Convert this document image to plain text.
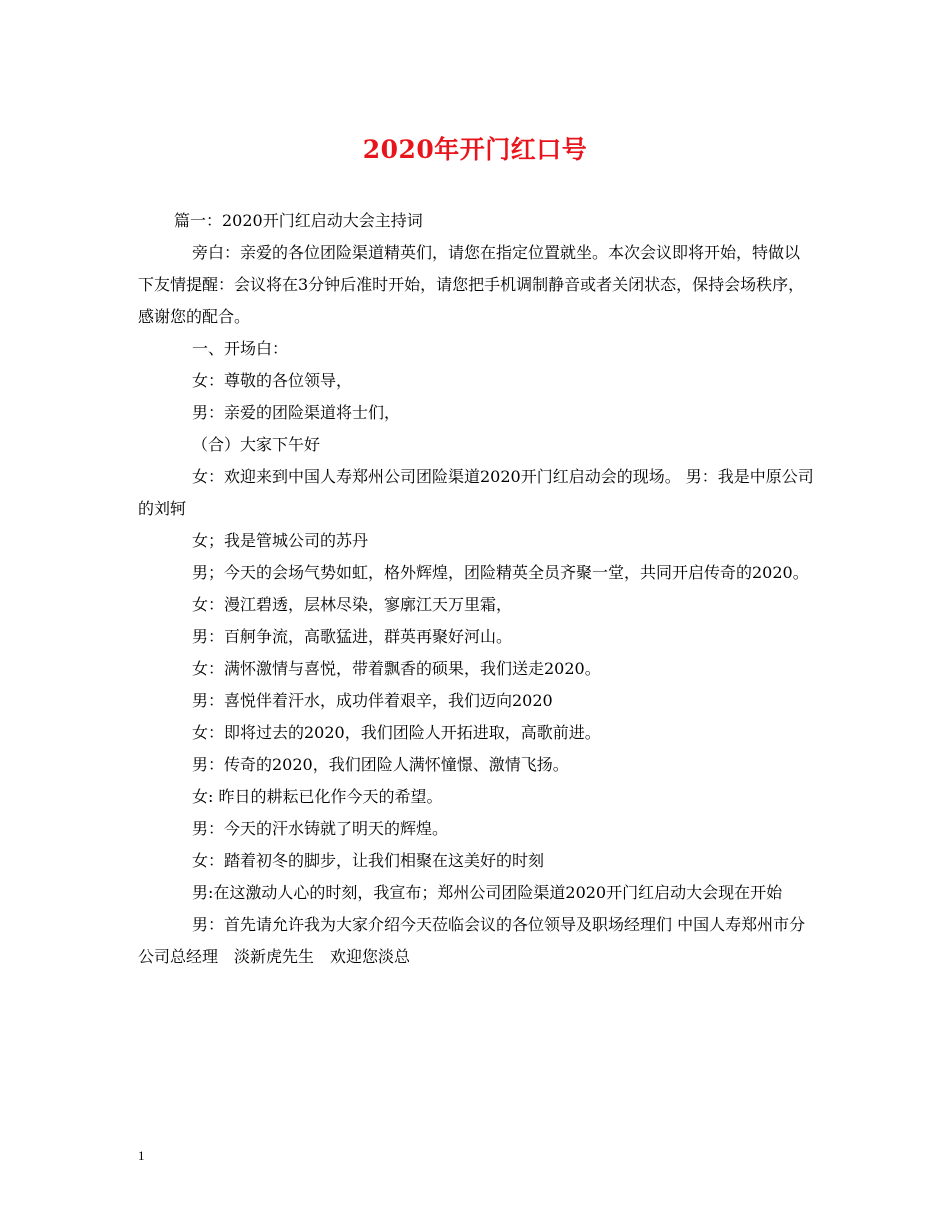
2020年开门红口号

篇一：2020开门红启动大会主持词

旁白：亲爱的各位团险渠道精英们，请您在指定位置就坐。本次会议即将开始，特做以下友情提醒：会议将在3分钟后准时开始，请您把手机调制静音或者关闭状态，保持会场秩序，感谢您的配合。

一、开场白：

女：尊敬的各位领导，

男：亲爱的团险渠道将士们，

（合）大家下午好

女：欢迎来到中国人寿郑州公司团险渠道2020开门红启动会的现场。 男：我是中原公司的刘轲

女；我是管城公司的苏丹

男；今天的会场气势如虹，格外辉煌，团险精英全员齐聚一堂，共同开启传奇的2020。

女：漫江碧透，层林尽染，寥廓江天万里霜，

男：百舸争流，高歌猛进，群英再聚好河山。

女：满怀激情与喜悦，带着飘香的硕果，我们送走2020。

男：喜悦伴着汗水，成功伴着艰辛，我们迈向2020

女：即将过去的2020，我们团险人开拓进取，高歌前进。

男：传奇的2020，我们团险人满怀憧憬、激情飞扬。

女: 昨日的耕耘已化作今天的希望。

男：今天的汗水铸就了明天的辉煌。

女：踏着初冬的脚步，让我们相聚在这美好的时刻

男:在这激动人心的时刻，我宣布；郑州公司团险渠道2020开门红启动大会现在开始

男：首先请允许我为大家介绍今天莅临会议的各位领导及职场经理们 中国人寿郑州市分公司总经理　淡新虎先生　欢迎您淡总

1
